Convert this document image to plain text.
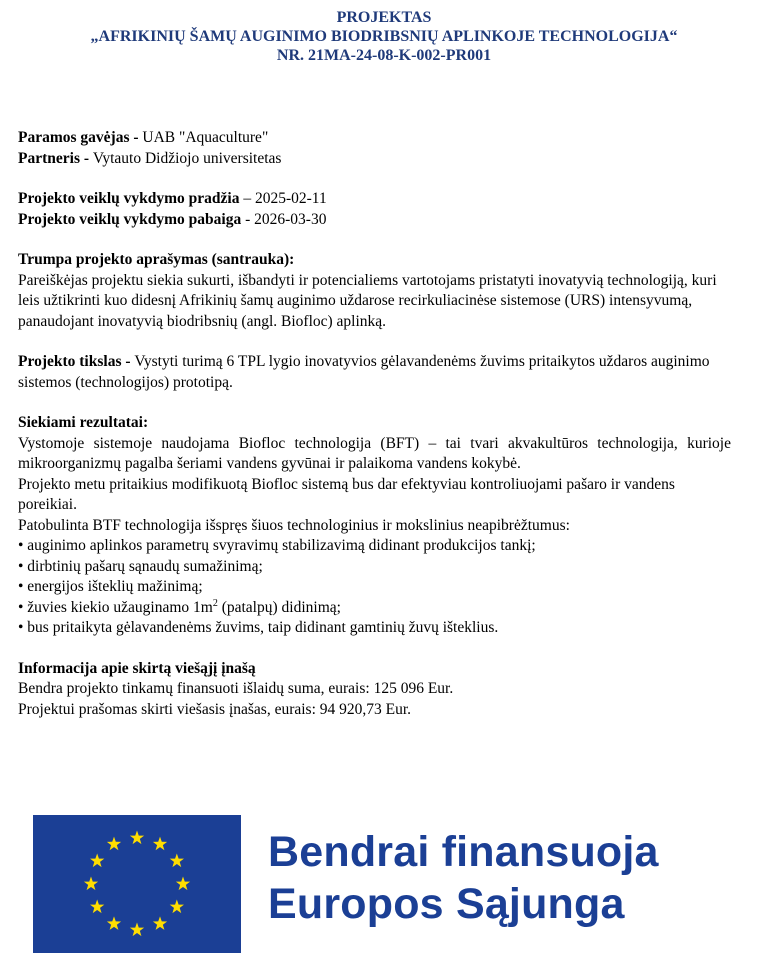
PROJEKTAS
„AFRIKINIŲ ŠAMŲ AUGINIMO BIODRIBSNIŲ APLINKOJE TECHNOLOGIJA“
NR. 21MA-24-08-K-002-PR001

Paramos gavėjas - UAB "Aquaculture"

Partneris - Vytauto Didžiojo universitetas

Projekto veiklų vykdymo pradžia – 2025-02-11

Projekto veiklų vykdymo pabaiga - 2026-03-30

Trumpa projekto aprašymas (santrauka):

Pareiškėjas projektu siekia sukurti, išbandyti ir potencialiems vartotojams pristatyti inovatyvią technologiją, kuri leis užtikrinti kuo didesnį Afrikinių šamų auginimo uždarose recirkuliacinėse sistemose (URS) intensyvumą, panaudojant inovatyvią biodribsnių (angl. Biofloc) aplinką.

Projekto tikslas - Vystyti turimą 6 TPL lygio inovatyvios gėlavandenėms žuvims pritaikytos uždaros auginimo sistemos (technologijos) prototipą.

Siekiami rezultatai:

Vystomoje sistemoje naudojama Biofloc technologija (BFT) – tai tvari akvakultūros technologija, kurioje mikroorganizmų pagalba šeriami vandens gyvūnai ir palaikoma vandens kokybė.

Projekto metu pritaikius modifikuotą Biofloc sistemą bus dar efektyviau kontroliuojami pašaro ir vandens poreikiai.

Patobulinta BTF technologija išspręs šiuos technologinius ir mokslinius neapibrėžtumus:

• auginimo aplinkos parametrų svyravimų stabilizavimą didinant produkcijos tankį;

• dirbtinių pašarų sąnaudų sumažinimą;

• energijos išteklių mažinimą;

• žuvies kiekio užauginamo $1m^2$ (patalpų) didinimą;

• bus pritaikyta gėlavandenėms žuvims, taip didinant gamtinių žuvų išteklius.

Informacija apie skirtą viešąjį įnašą

Bendra projekto tinkamų finansuoti išlaidų suma, eurais: 125 096 Eur.

Projektui prašomas skirti viešasis įnašas, eurais: 94 920,73 Eur.

Bendrai finansuoja
Europos Sąjunga
